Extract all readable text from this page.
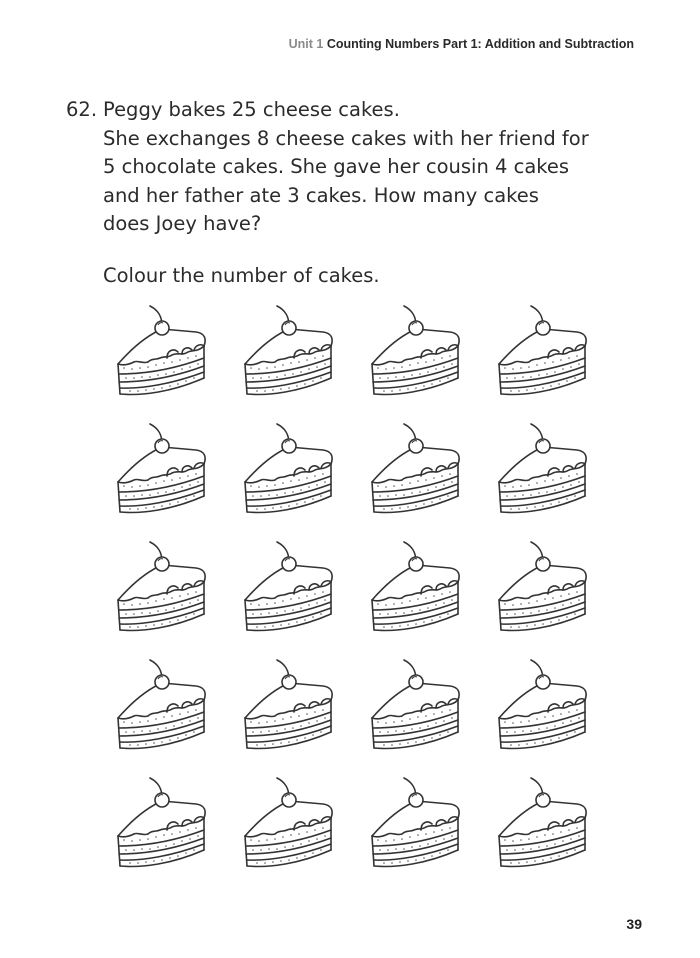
Unit 1 Counting Numbers Part 1: Addition and Subtraction
62. Peggy bakes 25 cheese cakes.
She exchanges 8 cheese cakes with her friend for
5 chocolate cakes. She gave her cousin 4 cakes
and her father ate 3 cakes. How many cakes
does Joey have?
Colour the number of cakes.
39
